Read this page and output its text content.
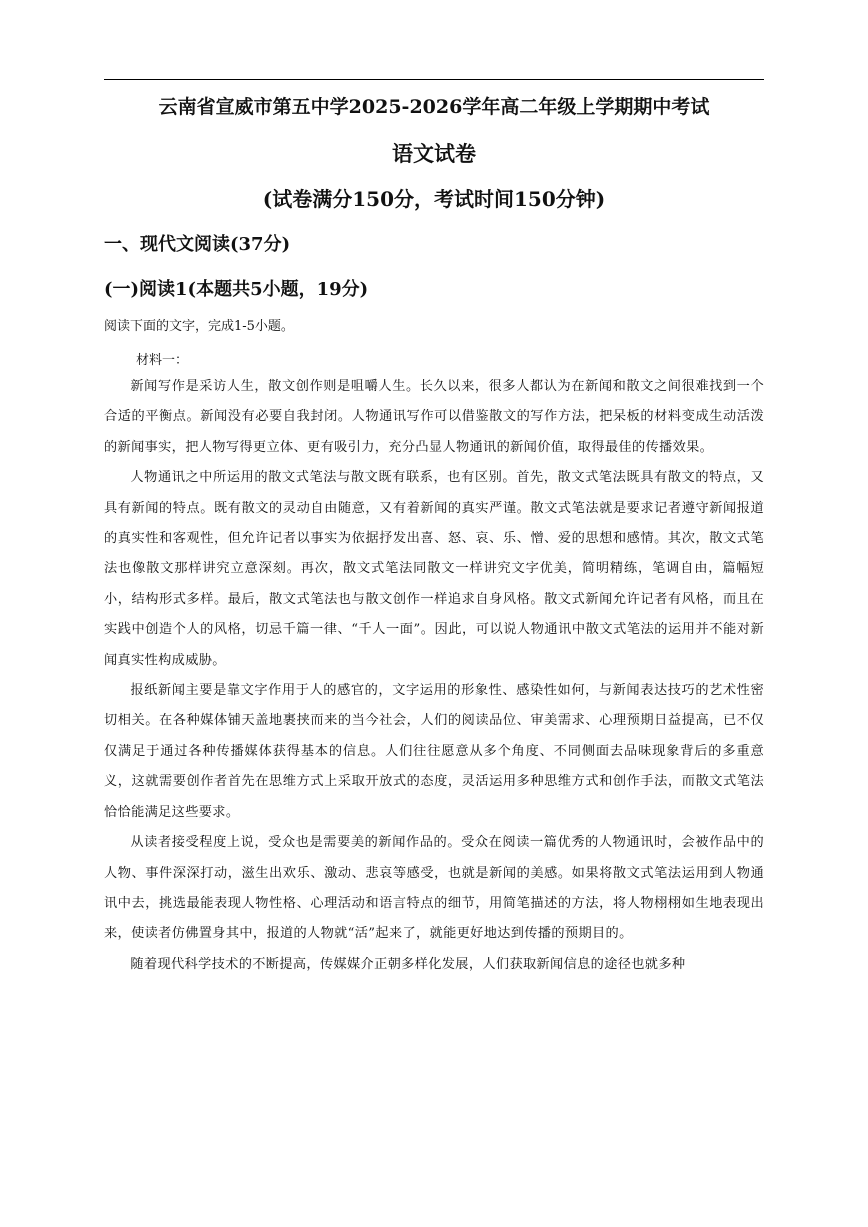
云南省宣威市第五中学2025-2026学年高二年级上学期期中考试
语文试卷
(试卷满分150分，考试时间150分钟)
一、现代文阅读(37分)
(一)阅读1(本题共5小题，19分)
阅读下面的文字，完成1-5小题。
材料一：

新闻写作是采访人生，散文创作则是咀嚼人生。长久以来，很多人都认为在新闻和散文之间很难找到一个合适的平衡点。新闻没有必要自我封闭。人物通讯写作可以借鉴散文的写作方法，把呆板的材料变成生动活泼的新闻事实，把人物写得更立体、更有吸引力，充分凸显人物通讯的新闻价值，取得最佳的传播效果。

人物通讯之中所运用的散文式笔法与散文既有联系，也有区别。首先，散文式笔法既具有散文的特点，又具有新闻的特点。既有散文的灵动自由随意，又有着新闻的真实严谨。散文式笔法就是要求记者遵守新闻报道的真实性和客观性，但允许记者以事实为依据抒发出喜、怒、哀、乐、憎、爱的思想和感情。其次，散文式笔法也像散文那样讲究立意深刻。再次，散文式笔法同散文一样讲究文字优美，简明精练，笔调自由，篇幅短小，结构形式多样。最后，散文式笔法也与散文创作一样追求自身风格。散文式新闻允许记者有风格，而且在实践中创造个人的风格，切忌千篇一律、“千人一面”。因此，可以说人物通讯中散文式笔法的运用并不能对新闻真实性构成威胁。

报纸新闻主要是靠文字作用于人的感官的，文字运用的形象性、感染性如何，与新闻表达技巧的艺术性密切相关。在各种媒体铺天盖地裹挟而来的当今社会，人们的阅读品位、审美需求、心理预期日益提高，已不仅仅满足于通过各种传播媒体获得基本的信息。人们往往愿意从多个角度、不同侧面去品味现象背后的多重意义，这就需要创作者首先在思维方式上采取开放式的态度，灵活运用多种思维方式和创作手法，而散文式笔法恰恰能满足这些要求。

从读者接受程度上说，受众也是需要美的新闻作品的。受众在阅读一篇优秀的人物通讯时，会被作品中的人物、事件深深打动，滋生出欢乐、激动、悲哀等感受，也就是新闻的美感。如果将散文式笔法运用到人物通讯中去，挑选最能表现人物性格、心理活动和语言特点的细节，用简笔描述的方法，将人物栩栩如生地表现出来，使读者仿佛置身其中，报道的人物就“活”起来了，就能更好地达到传播的预期目的。

随着现代科学技术的不断提高，传媒媒介正朝多样化发展，人们获取新闻信息的途径也就多种
